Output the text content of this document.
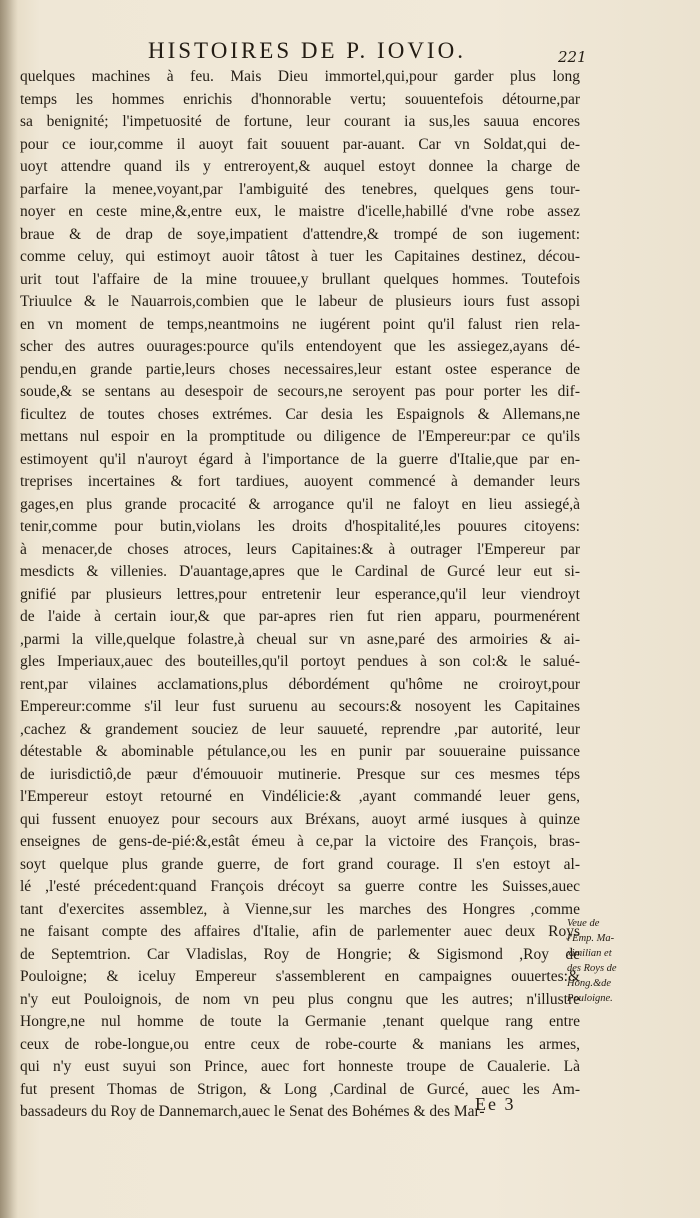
HISTOIRES DE P. IOVIO.	221
quelques machines à feu. Mais Dieu immortel,qui,pour garder plus long
temps les hommes enrichis d'honnorable vertu; souuentefois détourne,par
sa benignité; l'impetuosité de fortune, leur courant ia sus,les sauua encores
pour ce iour,comme il auoyt fait souuent par-auant. Car vn Soldat,qui de-
uoyt attendre quand ils y entreroyent,& auquel estoyt donnee la charge de
parfaire la menee,voyant,par l'ambiguité des tenebres, quelques gens tour-
noyer en ceste mine,&,entre eux, le maistre d'icelle,habillé d'vne robe assez
braue & de drap de soye,impatient d'attendre,& trompé de son iugement:
comme celuy, qui estimoyt auoir tâtost à tuer les Capitaines destinez, décou-
urit tout l'affaire de la mine trouuee,y brullant quelques hommes. Toutefois
Triuulce & le Nauarrois,combien que le labeur de plusieurs iours fust assopi
en vn moment de temps,neantmoins ne iugérent point qu'il falust rien rela-
scher des autres ouurages:pource qu'ils entendoyent que les assiegez,ayans dé-
pendu,en grande partie,leurs choses necessaires,leur estant ostee esperance de
soude,& se sentans au desespoir de secours,ne seroyent pas pour porter les dif-
ficultez de toutes choses extrémes. Car desia les Espaignols & Allemans,ne
mettans nul espoir en la promptitude ou diligence de l'Empereur:par ce qu'ils
estimoyent qu'il n'auroyt égard à l'importance de la guerre d'Italie,que par en-
treprises incertaines & fort tardiues, auoyent commencé à demander leurs
gages,en plus grande procacité & arrogance qu'il ne faloyt en lieu assiegé,à
tenir,comme pour butin,violans les droits d'hospitalité,les pouures citoyens:
à menacer,de choses atroces, leurs Capitaines:& à outrager l'Empereur par
mesdicts & villenies. D'auantage,apres que le Cardinal de Gurcé leur eut si-
gnifié par plusieurs lettres,pour entretenir leur esperance,qu'il leur viendroyt
de l'aide à certain iour,& que par-apres rien fut rien apparu, pourmenérent
,parmi la ville,quelque folastre,à cheual sur vn asne,paré des armoiries & ai-
gles Imperiaux,auec des bouteilles,qu'il portoyt pendues à son col:& le salué-
rent,par vilaines acclamations,plus débordément qu'hôme ne croiroyt,pour
Empereur:comme s'il leur fust suruenu au secours:& nosoyent les Capitaines
,cachez & grandement souciez de leur sauueté, reprendre ,par autorité, leur
détestable & abominable pétulance,ou les en punir par souueraine puissance
de iurisdictiô,de pæur d'émouuoir mutinerie. Presque sur ces mesmes téps
l'Empereur estoyt retourné en Vindélicie:& ,ayant commandé leuer gens,
qui fussent enuoyez pour secours aux Bréxans, auoyt armé iusques à quinze
enseignes de gens-de-pié:&,estât émeu à ce,par la victoire des François, bras-
soyt quelque plus grande guerre, de fort grand courage. Il s'en estoyt al-
lé ,l'esté précedent:quand François drécoyt sa guerre contre les Suisses,auec
tant d'exercites assemblez, à Vienne,sur les marches des Hongres ,comme
ne faisant compte des affaires d'Italie, afin de parlementer auec deux Roys
de Septemtrion. Car Vladislas, Roy de Hongrie; & Sigismond ,Roy de
Pouloigne; & iceluy Empereur s'assemblerent en campaignes ouuertes:&
n'y eut Pouloignois, de nom vn peu plus congnu que les autres; n'illustre
Hongre,ne nul homme de toute la Germanie ,tenant quelque rang entre
ceux de robe-longue,ou entre ceux de robe-courte & manians les armes,
qui n'y eust suyui son Prince, auec fort honneste troupe de Caualerie. Là
fut present Thomas de Strigon, & Long ,Cardinal de Gurcé, auec les Am-
bassadeurs du Roy de Dannemarch,auec le Senat des Bohémes & des Mar-
Veue de
l'Emp. Ma-
ximilian et
des Roys de
Hong.&de
Pouloigne.
Ee 3
